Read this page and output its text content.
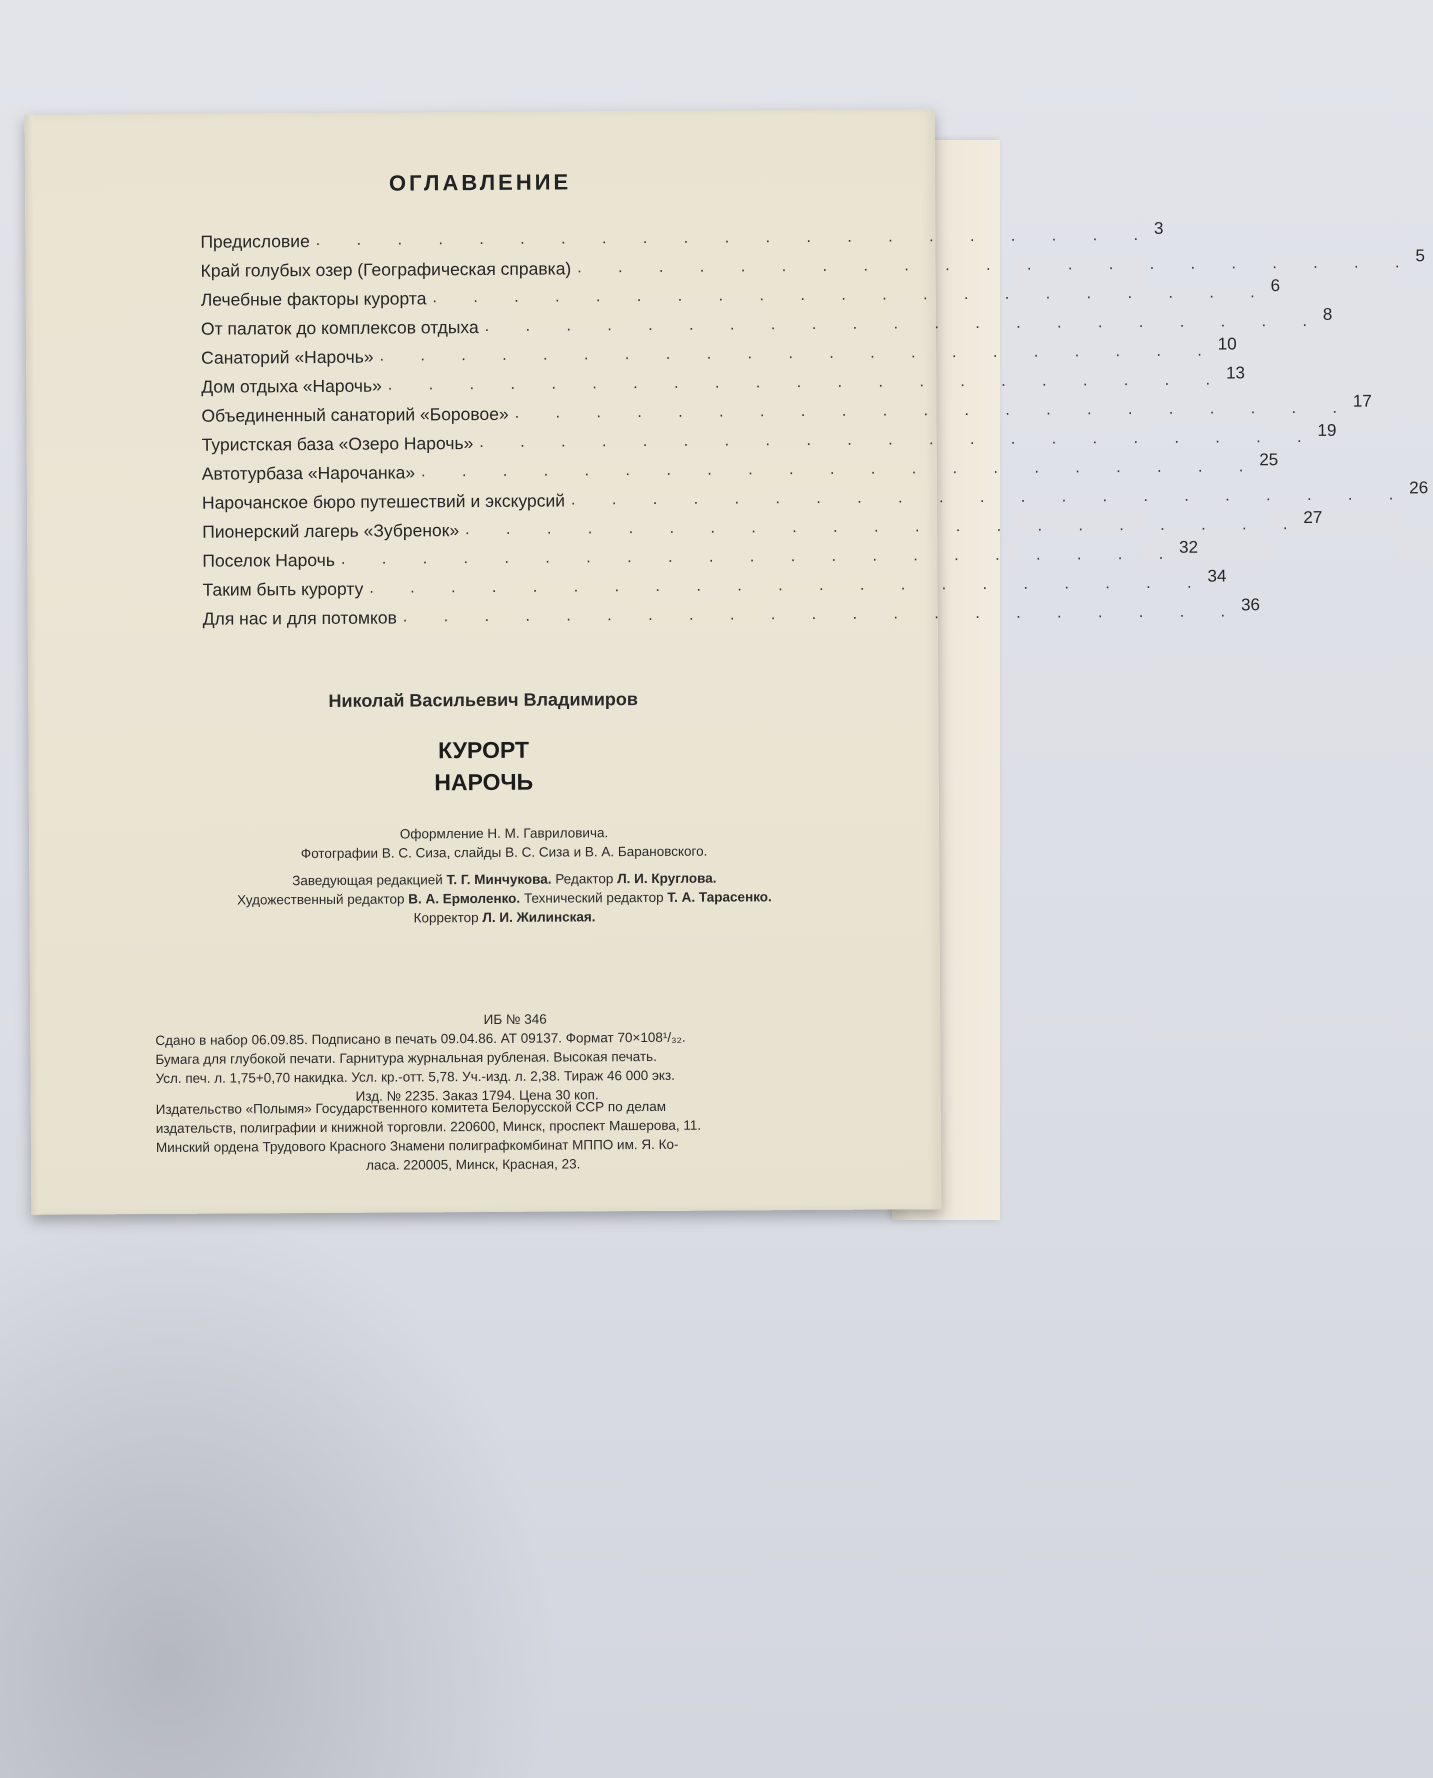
ОГЛАВЛЕНИЕ
Предисловие . . . . . . . . . . . . . . . . . . . . . 3
Край голубых озер (Географическая справка) . . . . . . . . . . . . . . . . . . . . . 5
Лечебные факторы курорта . . . . . . . . . . . . . . . . . . . . . 6
От палаток до комплексов отдыха . . . . . . . . . . . . . . . . . . . . . 8
Санаторий «Нарочь» . . . . . . . . . . . . . . . . . . . . . 10
Дом отдыха «Нарочь» . . . . . . . . . . . . . . . . . . . . . 13
Объединенный санаторий «Боровое» . . . . . . . . . . . . . . . . . . . . . 17
Туристская база «Озеро Нарочь» . . . . . . . . . . . . . . . . . . . . . 19
Автотурбаза «Нарочанка» . . . . . . . . . . . . . . . . . . . . . 25
Нарочанское бюро путешествий и экскурсий . . . . . . . . . . . . . . . . . . . . . 26
Пионерский лагерь «Зубренок» . . . . . . . . . . . . . . . . . . . . . 27
Поселок Нарочь . . . . . . . . . . . . . . . . . . . . . 32
Таким быть курорту . . . . . . . . . . . . . . . . . . . . . 34
Для нас и для потомков . . . . . . . . . . . . . . . . . . . . . 36
Николай Васильевич Владимиров
КУРОРТ
НАРОЧЬ
Оформление Н. М. Гавриловича.
Фотографии В. С. Сиза, слайды В. С. Сиза и В. А. Барановского.
Заведующая редакцией Т. Г. Минчукова. Редактор Л. И. Круглова.
Художественный редактор В. А. Ермоленко. Технический редактор Т. А. Тарасенко.
Корректор Л. И. Жилинская.
ИБ № 346
Сдано в набор 06.09.85. Подписано в печать 09.04.86. АТ 09137. Формат 70×108¹/₃₂.
Бумага для глубокой печати. Гарнитура журнальная рубленая. Высокая печать.
Усл. печ. л. 1,75+0,70 накидка. Усл. кр.-отт. 5,78. Уч.-изд. л. 2,38. Тираж 46 000 экз.
Изд. № 2235. Заказ 1794. Цена 30 коп.
Издательство «Полымя» Государственного комитета Белорусской ССР по делам
издательств, полиграфии и книжной торговли. 220600, Минск, проспект Машерова, 11.
Минский ордена Трудового Красного Знамени полиграфкомбинат МППО им. Я. Ко-
ласа. 220005, Минск, Красная, 23.
